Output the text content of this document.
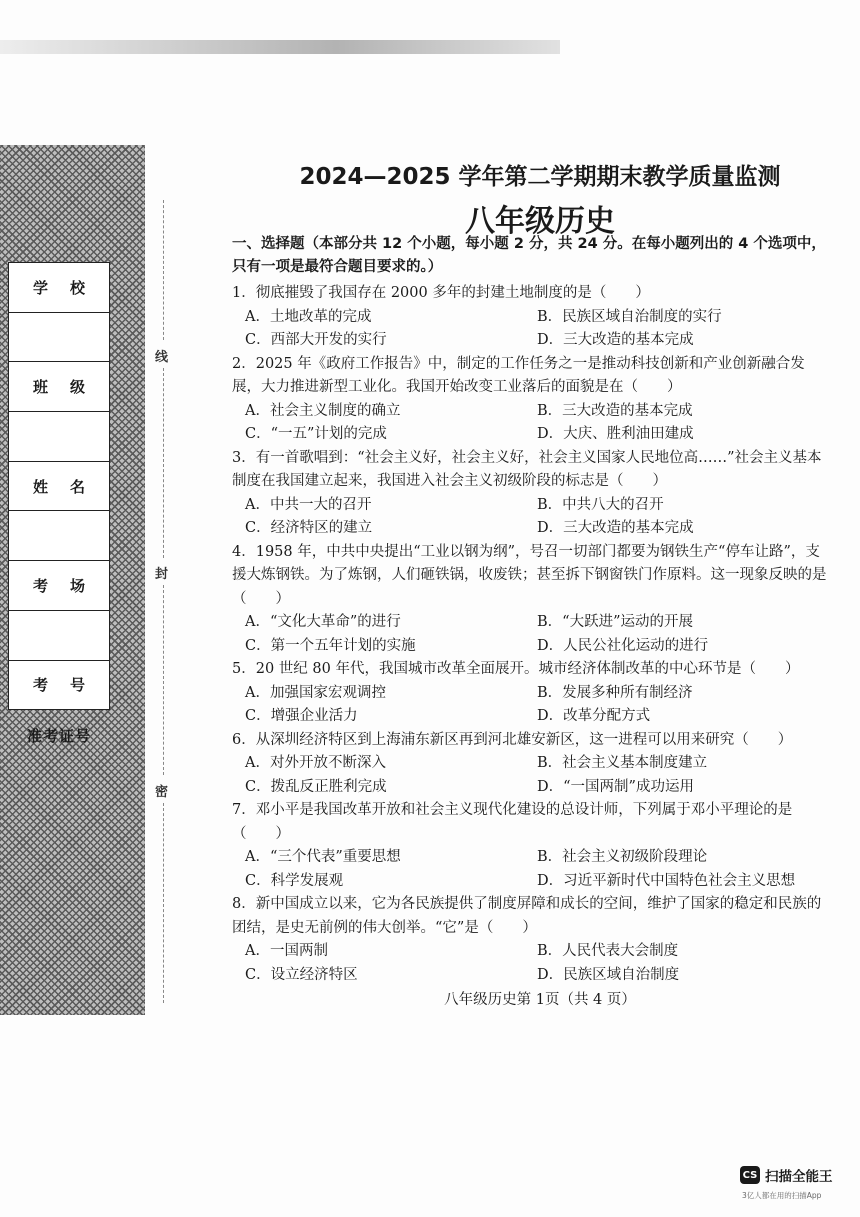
学校
班级
姓名
考场
考号
准考证号
线
封
密
2024—2025 学年第二学期期末教学质量监测
八年级历史
一、选择题（本部分共 12 个小题，每小题 2 分，共 24 分。在每小题列出的 4 个选项中，只有一项是最符合题目要求的。）
1．彻底摧毁了我国存在 2000 多年的封建土地制度的是（　　）
A．土地改革的完成	B．民族区域自治制度的实行
C．西部大开发的实行	D．三大改造的基本完成
2．2025 年《政府工作报告》中，制定的工作任务之一是推动科技创新和产业创新融合发展，大力推进新型工业化。我国开始改变工业落后的面貌是在（　　）
A．社会主义制度的确立	B．三大改造的基本完成
C．“一五”计划的完成	D．大庆、胜利油田建成
3．有一首歌唱到：“社会主义好，社会主义好，社会主义国家人民地位高……”社会主义基本制度在我国建立起来，我国进入社会主义初级阶段的标志是（　　）
A．中共一大的召开	B．中共八大的召开
C．经济特区的建立	D．三大改造的基本完成
4．1958 年，中共中央提出“工业以钢为纲”，号召一切部门都要为钢铁生产“停车让路”，支援大炼钢铁。为了炼钢，人们砸铁锅，收废铁；甚至拆下钢窗铁门作原料。这一现象反映的是（　　）
A．“文化大革命”的进行	B．“大跃进”运动的开展
C．第一个五年计划的实施	D．人民公社化运动的进行
5．20 世纪 80 年代，我国城市改革全面展开。城市经济体制改革的中心环节是（　　）
A．加强国家宏观调控	B．发展多种所有制经济
C．增强企业活力	D．改革分配方式
6．从深圳经济特区到上海浦东新区再到河北雄安新区，这一进程可以用来研究（　　）
A．对外开放不断深入	B．社会主义基本制度建立
C．拨乱反正胜利完成	D．“一国两制”成功运用
7．邓小平是我国改革开放和社会主义现代化建设的总设计师，下列属于邓小平理论的是（　　）
A．“三个代表”重要思想	B．社会主义初级阶段理论
C．科学发展观	D．习近平新时代中国特色社会主义思想
8．新中国成立以来，它为各民族提供了制度屏障和成长的空间，维护了国家的稳定和民族的团结，是史无前例的伟大创举。“它”是（　　）
A．一国两制	B．人民代表大会制度
C．设立经济特区	D．民族区域自治制度
八年级历史第 1页（共 4 页）
CS 扫描全能王
3亿人都在用的扫描App
